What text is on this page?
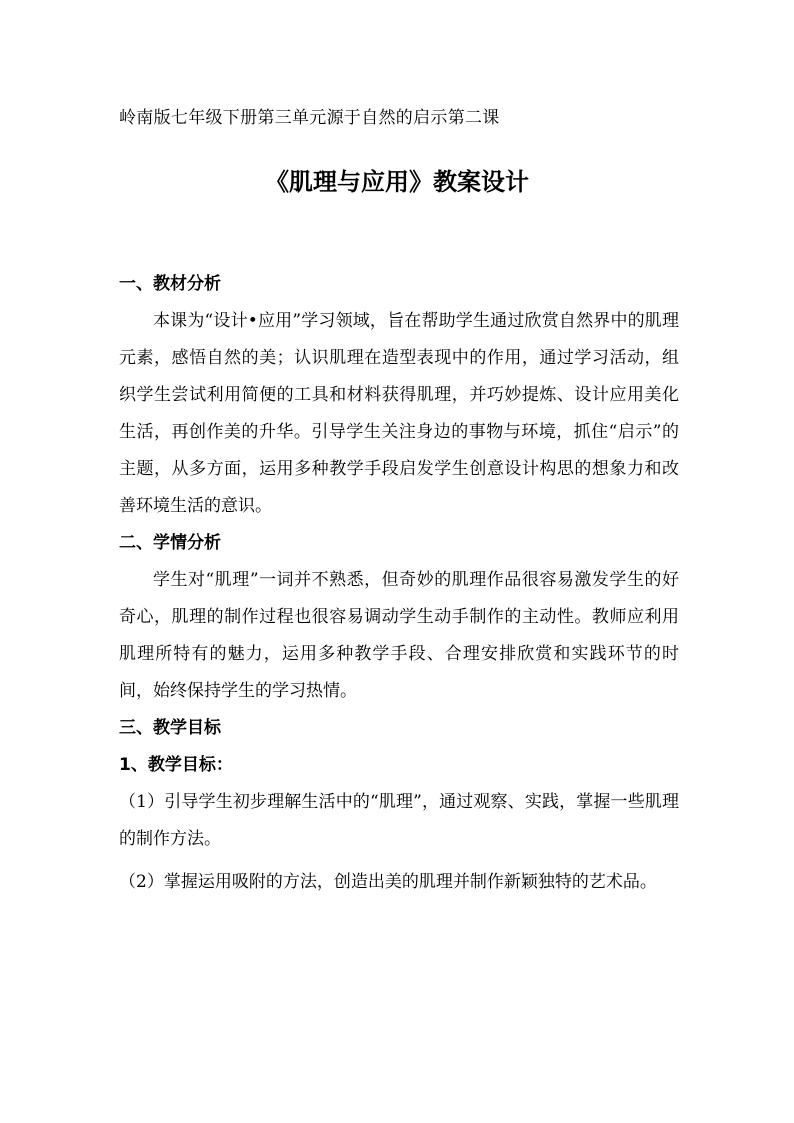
岭南版七年级下册第三单元源于自然的启示第二课
《肌理与应用》教案设计
一、教材分析

本课为“设计•应用”学习领域，旨在帮助学生通过欣赏自然界中的肌理元素，感悟自然的美；认识肌理在造型表现中的作用，通过学习活动，组织学生尝试利用简便的工具和材料获得肌理，并巧妙提炼、设计应用美化生活，再创作美的升华。引导学生关注身边的事物与环境，抓住“启示”的主题，从多方面，运用多种教学手段启发学生创意设计构思的想象力和改善环境生活的意识。

二、学情分析

学生对“肌理”一词并不熟悉，但奇妙的肌理作品很容易激发学生的好奇心，肌理的制作过程也很容易调动学生动手制作的主动性。教师应利用肌理所特有的魅力，运用多种教学手段、合理安排欣赏和实践环节的时间，始终保持学生的学习热情。

三、教学目标
1、教学目标：

（1）引导学生初步理解生活中的“肌理”，通过观察、实践，掌握一些肌理的制作方法。

（2）掌握运用吸附的方法，创造出美的肌理并制作新颖独特的艺术品。
